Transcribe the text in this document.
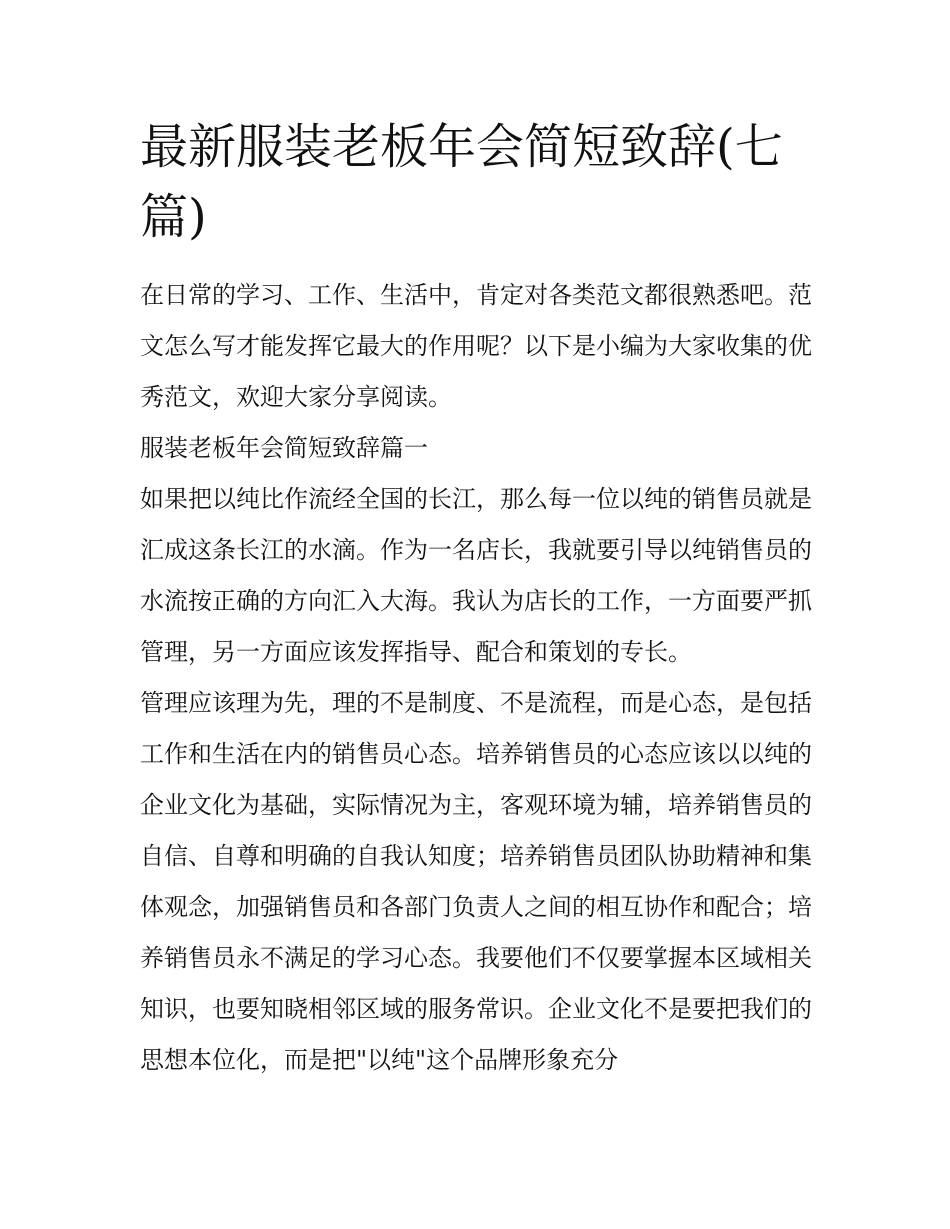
最新服装老板年会简短致辞(七篇)

在日常的学习、工作、生活中，肯定对各类范文都很熟悉吧。范文怎么写才能发挥它最大的作用呢？以下是小编为大家收集的优秀范文，欢迎大家分享阅读。

服装老板年会简短致辞篇一

如果把以纯比作流经全国的长江，那么每一位以纯的销售员就是汇成这条长江的水滴。作为一名店长，我就要引导以纯销售员的水流按正确的方向汇入大海。我认为店长的工作，一方面要严抓管理，另一方面应该发挥指导、配合和策划的专长。

管理应该理为先，理的不是制度、不是流程，而是心态，是包括工作和生活在内的销售员心态。培养销售员的心态应该以以纯的企业文化为基础，实际情况为主，客观环境为辅，培养销售员的自信、自尊和明确的自我认知度；培养销售员团队协助精神和集体观念，加强销售员和各部门负责人之间的相互协作和配合；培养销售员永不满足的学习心态。我要他们不仅要掌握本区域相关知识，也要知晓相邻区域的服务常识。企业文化不是要把我们的思想本位化，而是把"以纯"这个品牌形象充分
